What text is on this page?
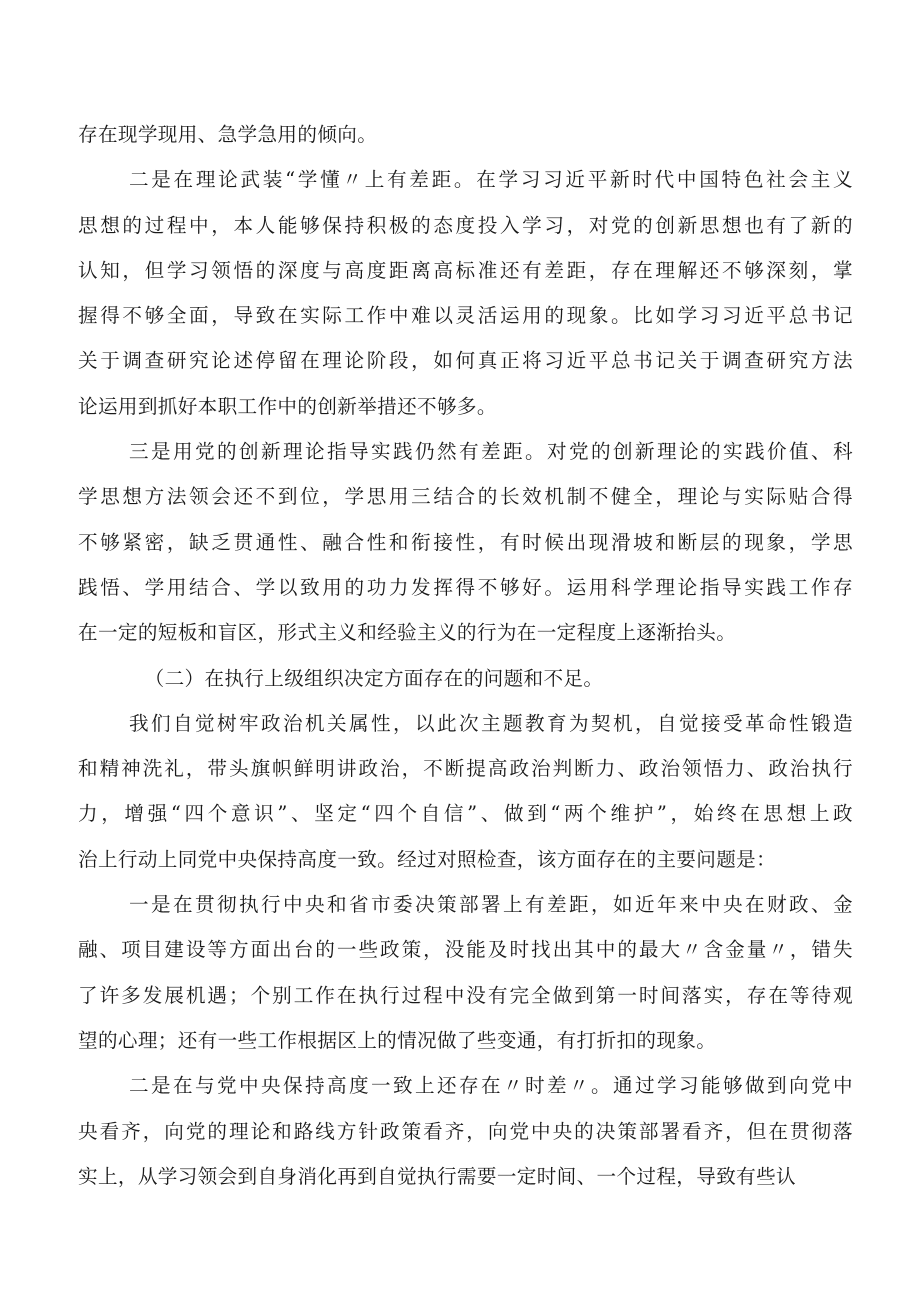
存在现学现用、急学急用的倾向。

二是在理论武装“学懂〃上有差距。在学习习近平新时代中国特色社会主义
思想的过程中，本人能够保持积极的态度投入学习，对党的创新思想也有了新的
认知，但学习领悟的深度与高度距离高标准还有差距，存在理解还不够深刻，掌
握得不够全面，导致在实际工作中难以灵活运用的现象。比如学习习近平总书记
关于调查研究论述停留在理论阶段，如何真正将习近平总书记关于调查研究方法
论运用到抓好本职工作中的创新举措还不够多。

三是用党的创新理论指导实践仍然有差距。对党的创新理论的实践价值、科
学思想方法领会还不到位，学思用三结合的长效机制不健全，理论与实际贴合得
不够紧密，缺乏贯通性、融合性和衔接性，有时候出现滑坡和断层的现象，学思
践悟、学用结合、学以致用的功力发挥得不够好。运用科学理论指导实践工作存
在一定的短板和盲区，形式主义和经验主义的行为在一定程度上逐渐抬头。

（二）在执行上级组织决定方面存在的问题和不足。

我们自觉树牢政治机关属性，以此次主题教育为契机，自觉接受革命性锻造
和精神洗礼，带头旗帜鲜明讲政治，不断提高政治判断力、政治领悟力、政治执行
力，增强“四个意识”、坚定“四个自信”、做到“两个维护”，始终在思想上政
治上行动上同党中央保持高度一致。经过对照检查，该方面存在的主要问题是：

一是在贯彻执行中央和省市委决策部署上有差距，如近年来中央在财政、金
融、项目建设等方面出台的一些政策，没能及时找出其中的最大〃含金量〃，错失
了许多发展机遇；个别工作在执行过程中没有完全做到第一时间落实，存在等待观
望的心理；还有一些工作根据区上的情况做了些变通，有打折扣的现象。

二是在与党中央保持高度一致上还存在〃时差〃。通过学习能够做到向党中
央看齐，向党的理论和路线方针政策看齐，向党中央的决策部署看齐，但在贯彻落
实上，从学习领会到自身消化再到自觉执行需要一定时间、一个过程，导致有些认
